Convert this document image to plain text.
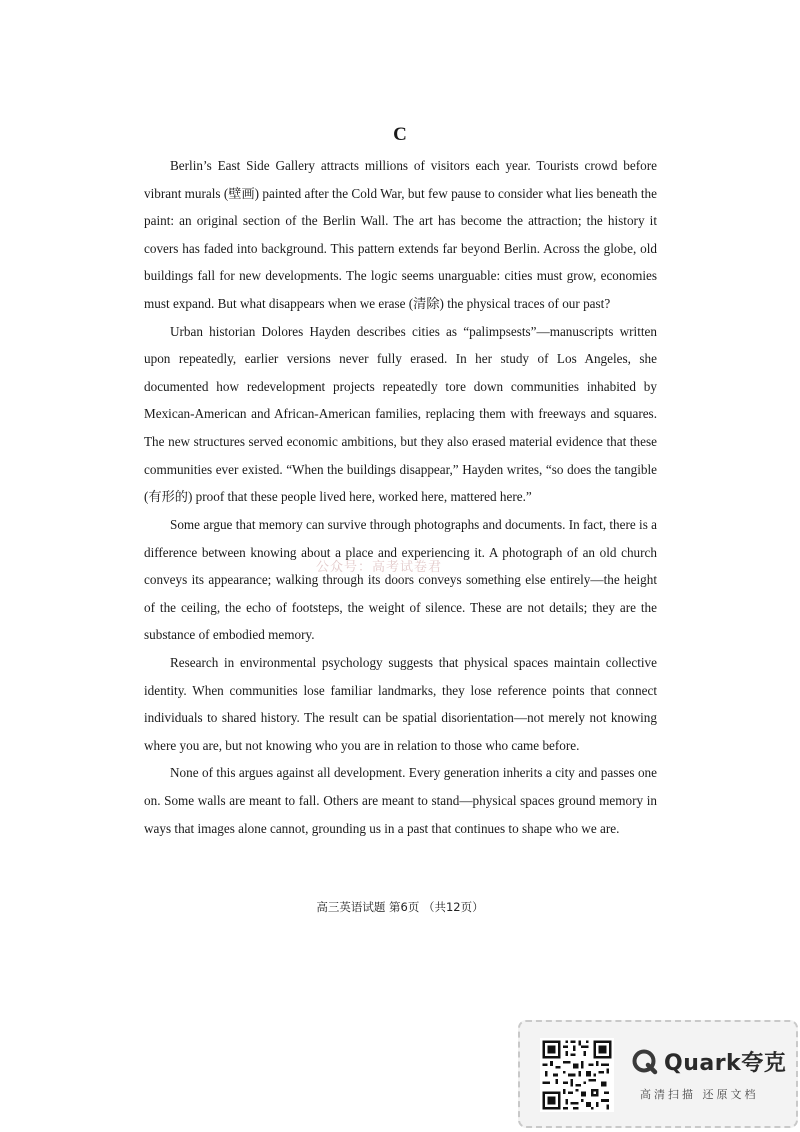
C

Berlin’s East Side Gallery attracts millions of visitors each year. Tourists crowd before vibrant murals (壁画) painted after the Cold War, but few pause to consider what lies beneath the paint: an original section of the Berlin Wall. The art has become the attraction; the history it covers has faded into background. This pattern extends far beyond Berlin. Across the globe, old buildings fall for new developments. The logic seems unarguable: cities must grow, economies must expand. But what disappears when we erase (清除) the physical traces of our past?

Urban historian Dolores Hayden describes cities as “palimpsests”—manuscripts written upon repeatedly, earlier versions never fully erased. In her study of Los Angeles, she documented how redevelopment projects repeatedly tore down communities inhabited by Mexican-American and African-American families, replacing them with freeways and squares. The new structures served economic ambitions, but they also erased material evidence that these communities ever existed. “When the buildings disappear,” Hayden writes, “so does the tangible (有形的) proof that these people lived here, worked here, mattered here.”

Some argue that memory can survive through photographs and documents. In fact, there is a difference between knowing about a place and experiencing it. A photograph of an old church conveys its appearance; walking through its doors conveys something else entirely—the height of the ceiling, the echo of footsteps, the weight of silence. These are not details; they are the substance of embodied memory.

Research in environmental psychology suggests that physical spaces maintain collective identity. When communities lose familiar landmarks, they lose reference points that connect individuals to shared history. The result can be spatial disorientation—not merely not knowing where you are, but not knowing who you are in relation to those who came before.

None of this argues against all development. Every generation inherits a city and passes one on. Some walls are meant to fall. Others are meant to stand—physical spaces ground memory in ways that images alone cannot, grounding us in a past that continues to shape who we are.

公众号：高考试卷君
高三英语试题 第6页 （共12页）
Quark夸克
高清扫描 还原文档
